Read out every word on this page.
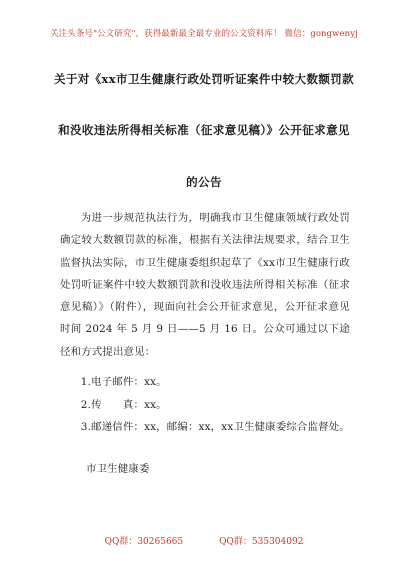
关注头条号"公文研究"，获得最新最全最专业的公文资料库！ 微信：gongwenyj
关于对《xx市卫生健康行政处罚听证案件中较大数额罚款
和没收违法所得相关标准（征求意见稿）》公开征求意见
的公告
为进一步规范执法行为，明确我市卫生健康领域行政处罚确定较大数额罚款的标准，根据有关法律法规要求，结合卫生监督执法实际，市卫生健康委组织起草了《xx市卫生健康行政处罚听证案件中较大数额罚款和没收违法所得相关标准（征求意见稿）》（附件），现面向社会公开征求意见，公开征求意见时间 2024 年 5 月 9 日——5 月 16 日。公众可通过以下途径和方式提出意见：
1.电子邮件：xx。
2.传　　真：xx。
3.邮递信件：xx，邮编：xx，xx卫生健康委综合监督处。
市卫生健康委
QQ群：30265665	QQ群：535304092
